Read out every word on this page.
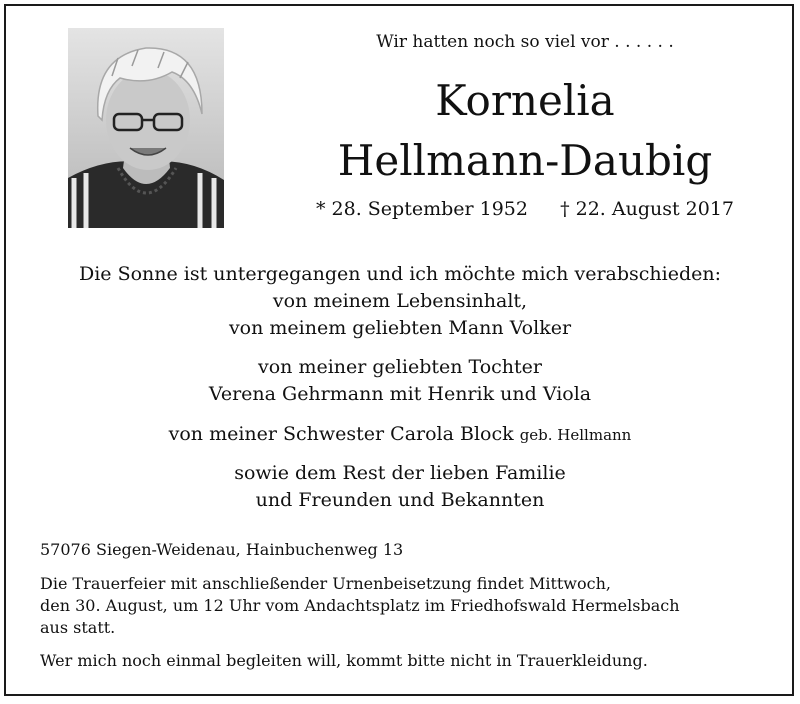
Wir hatten noch so viel vor . . . . . .
Kornelia
Hellmann-Daubig
* 28. September 1952 † 22. August 2017
Die Sonne ist untergegangen und ich möchte mich verabschieden:
von meinem Lebensinhalt,
von meinem geliebten Mann Volker
von meiner geliebten Tochter
Verena Gehrmann mit Henrik und Viola
von meiner Schwester Carola Block geb. Hellmann
sowie dem Rest der lieben Familie
und Freunden und Bekannten
57076 Siegen-Weidenau, Hainbuchenweg 13
Die Trauerfeier mit anschließender Urnenbeisetzung findet Mittwoch,
den 30. August, um 12 Uhr vom Andachtsplatz im Friedhofswald Hermelsbach
aus statt.
Wer mich noch einmal begleiten will, kommt bitte nicht in Trauerkleidung.
